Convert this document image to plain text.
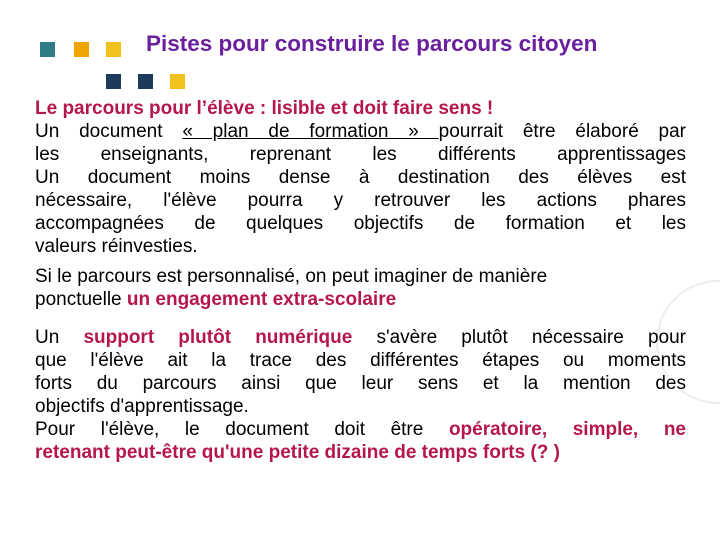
Pistes pour construire le parcours citoyen

Le parcours pour l’élève : lisible et doit faire sens !

Un document « plan de formation » pourrait être élaboré par

les enseignants, reprenant les différents apprentissages

Un document moins dense à destination des élèves est

nécessaire, l'élève pourra y retrouver les actions phares

accompagnées de quelques objectifs de formation et les

valeurs réinvesties.

Si le parcours est personnalisé, on peut imaginer de manière

ponctuelle un engagement extra-scolaire

Un support plutôt numérique s'avère plutôt nécessaire pour

que l'élève ait la trace des différentes étapes ou moments

forts du parcours ainsi que leur sens et la mention des

objectifs d'apprentissage.

Pour l'élève, le document doit être opératoire, simple, ne

retenant peut-être qu'une petite dizaine de temps forts (? )
